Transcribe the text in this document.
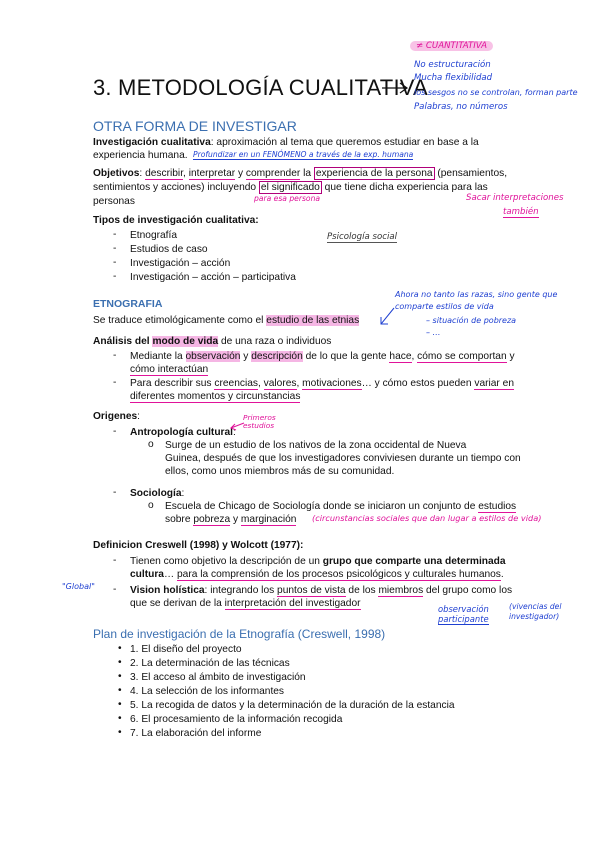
3. METODOLOGÍA CUALITATIVA
≠ CUANTITATIVA
No estructuración
Mucha flexibilidad
los sesgos no se controlan, forman parte
Palabras, no números
OTRA FORMA DE INVESTIGAR
Investigación cualitativa: aproximación al tema que queremos estudiar en base a la
experiencia humana. Profundizar en un FENÓMENO a través de la exp. humana
Objetivos: describir, interpretar y comprender la experiencia de la persona (pensamientos,
sentimientos y acciones) incluyendo el significado que tiene dicha experiencia para las
personas	para esa persona	Sacar interpretaciones
también
Tipos de investigación cualitativa:
- Etnografía
- Estudios de caso
- Investigación – acción
- Investigación – acción – participativa
Psicología social
ETNOGRAFIA
Se traduce etimológicamente como el estudio de las etnias
Ahora no tanto las razas, sino gente que
comparte estilos de vida
– situación de pobreza
– …
Análisis del modo de vida de una raza o individuos
- Mediante la observación y descripción de lo que la gente hace, cómo se comportan y
cómo interactúan
- Para describir sus creencias, valores, motivaciones… y cómo estos pueden variar en
diferentes momentos y circunstancias
Origenes:
- Antropología cultural:
Primeros
estudios
o Surge de un estudio de los nativos de la zona occidental de Nueva
Guinea, después de que los investigadores conviviesen durante un tiempo con
ellos, como unos miembros más de su comunidad.
- Sociología:
o Escuela de Chicago de Sociología donde se iniciaron un conjunto de estudios
sobre pobreza y marginación (circunstancias sociales que dan lugar a estilos de vida)
Definicion Creswell (1998) y Wolcott (1977):
- Tienen como objetivo la descripción de un grupo que comparte una determinada
cultura… para la comprensión de los procesos psicológicos y culturales humanos.
- Vision holística: integrando los puntos de vista de los miembros del grupo como los
que se derivan de la interpretación del investigador
"Global"
observación
participante
(vivencias del
investigador)
Plan de investigación de la Etnografía (Creswell, 1998)
• 1. El diseño del proyecto
• 2. La determinación de las técnicas
• 3. El acceso al ámbito de investigación
• 4. La selección de los informantes
• 5. La recogida de datos y la determinación de la duración de la estancia
• 6. El procesamiento de la información recogida
• 7. La elaboración del informe
